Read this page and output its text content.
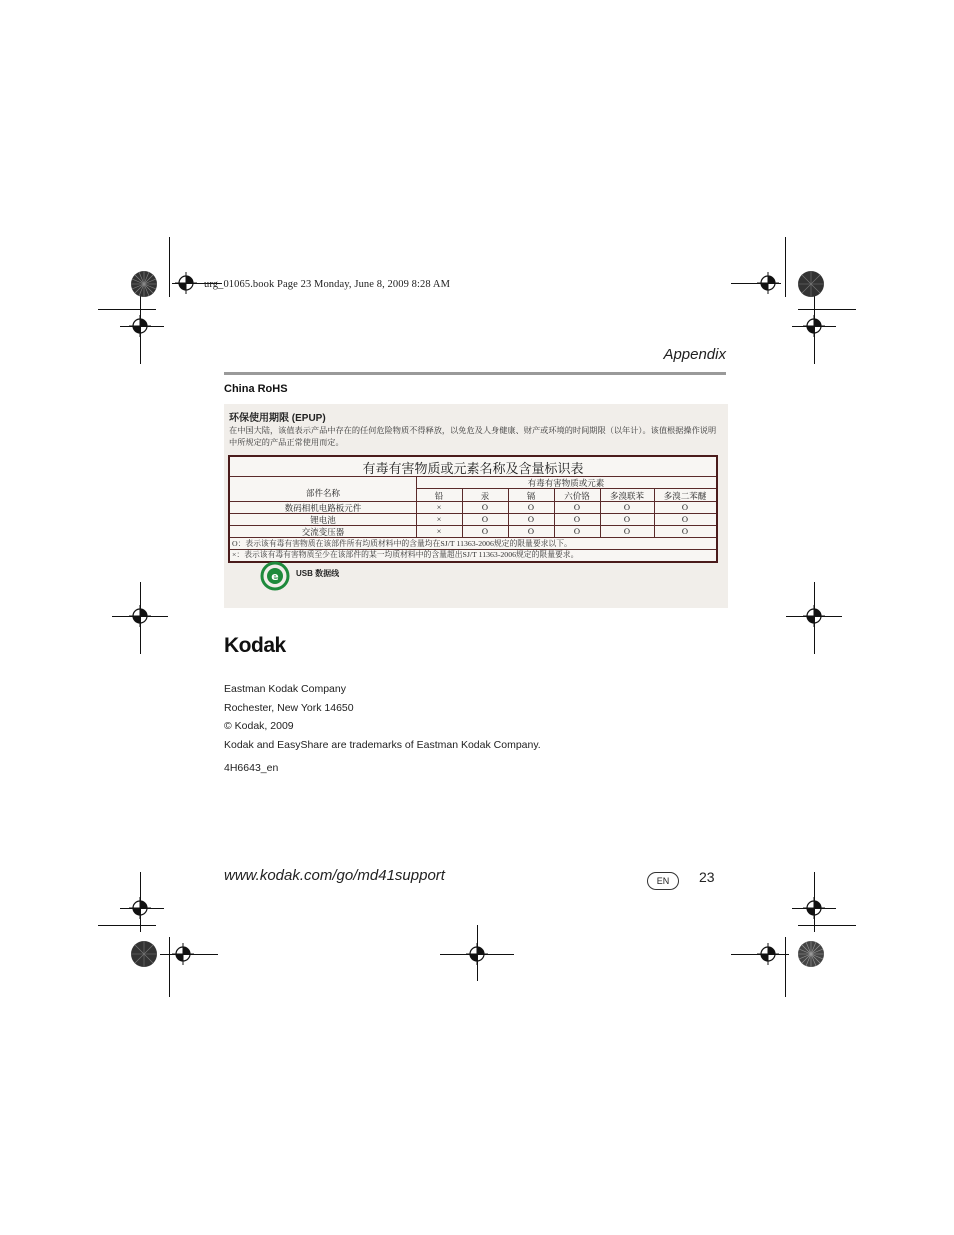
urg_01065.book Page 23 Monday, June 8, 2009 8:28 AM
Appendix
China RoHS
环保使用期限 (EPUP)
在中国大陆，该值表示产品中存在的任何危险物质不得释放，以免危及人身健康、财产或环境的时间期限（以年计）。该值根据操作说明中所规定的产品正常使用而定。
有毒有害物质或元素名称及含量标识表
部件名称
有毒有害物质或元素
铅	汞	镉	六价铬	多溴联苯	多溴二苯醚
数码相机电路板元件	×	O	O	O	O	O
锂电池	×	O	O	O	O	O
交流变压器	×	O	O	O	O	O
O：表示该有毒有害物质在该部件所有均质材料中的含量均在SJ/T 11363-2006规定的限量要求以下。
×：表示该有毒有害物质至少在该部件的某一均质材料中的含量超出SJ/T 11363-2006规定的限量要求。
e USB 数据线
Kodak
Eastman Kodak Company
Rochester, New York 14650
© Kodak, 2009
Kodak and EasyShare are trademarks of Eastman Kodak Company.
4H6643_en
www.kodak.com/go/md41support	EN	23
